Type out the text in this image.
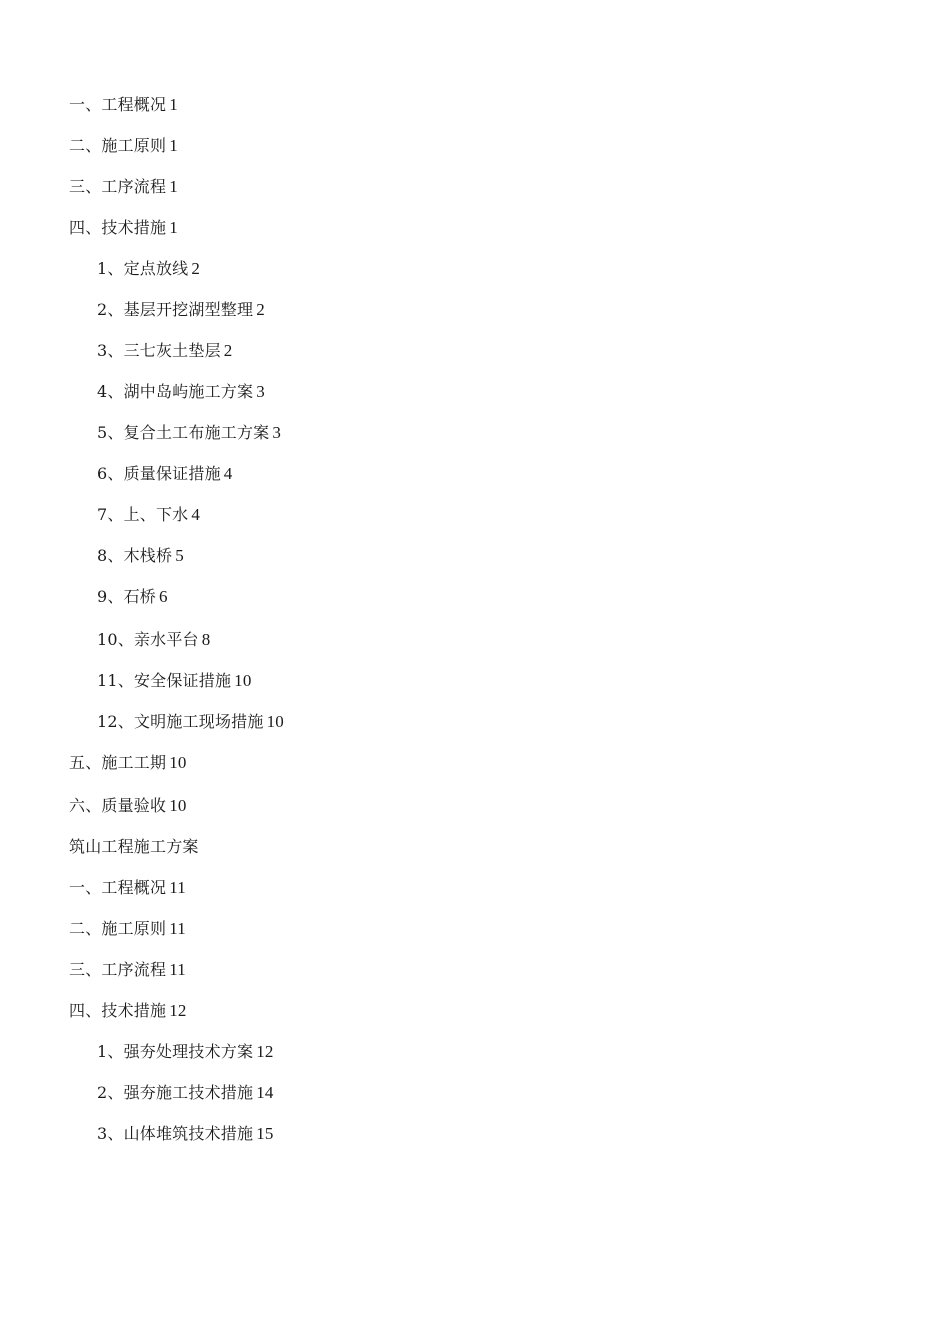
一、工程概况 1
二、施工原则 1
三、工序流程 1
四、技术措施 1
1、定点放线 2
2、基层开挖湖型整理 2
3、三七灰土垫层 2
4、湖中岛屿施工方案 3
5、复合土工布施工方案 3
6、质量保证措施 4
7、上、下水 4
8、木栈桥 5
9、石桥 6
10、亲水平台 8
11、安全保证措施 10
12、文明施工现场措施 10
五、施工工期 10
六、质量验收 10
筑山工程施工方案
一、工程概况 11
二、施工原则 11
三、工序流程 11
四、技术措施 12
1、强夯处理技术方案 12
2、强夯施工技术措施 14
3、山体堆筑技术措施 15
